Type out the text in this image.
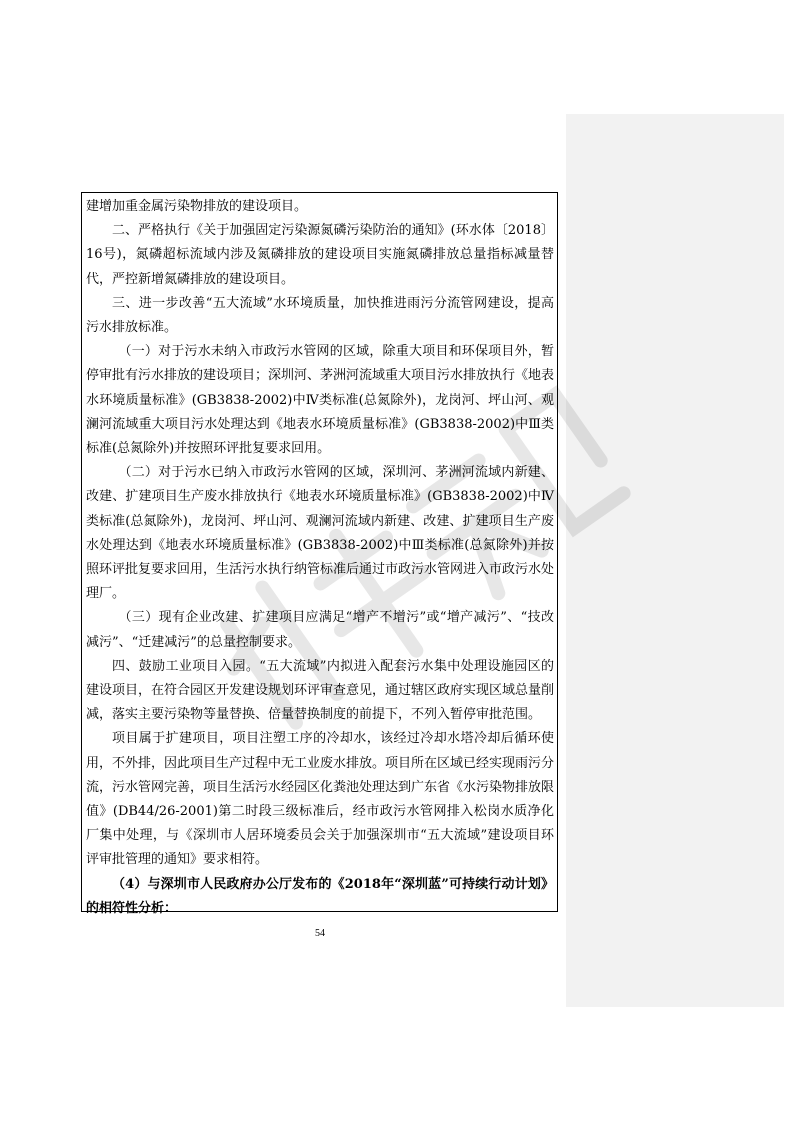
建增加重金属污染物排放的建设项目。

二、严格执行《关于加强固定污染源氮磷污染防治的通知》(环水体〔2018〕16号)，氮磷超标流域内涉及氮磷排放的建设项目实施氮磷排放总量指标减量替代，严控新增氮磷排放的建设项目。

三、进一步改善“五大流域”水环境质量，加快推进雨污分流管网建设，提高污水排放标准。

（一）对于污水未纳入市政污水管网的区域，除重大项目和环保项目外，暂停审批有污水排放的建设项目；深圳河、茅洲河流域重大项目污水排放执行《地表水环境质量标准》(GB3838-2002)中Ⅳ类标准(总氮除外)，龙岗河、坪山河、观澜河流域重大项目污水处理达到《地表水环境质量标准》(GB3838-2002)中Ⅲ类标准(总氮除外)并按照环评批复要求回用。

（二）对于污水已纳入市政污水管网的区域，深圳河、茅洲河流域内新建、改建、扩建项目生产废水排放执行《地表水环境质量标准》(GB3838-2002)中Ⅳ类标准(总氮除外)，龙岗河、坪山河、观澜河流域内新建、改建、扩建项目生产废水处理达到《地表水环境质量标准》(GB3838-2002)中Ⅲ类标准(总氮除外)并按照环评批复要求回用，生活污水执行纳管标准后通过市政污水管网进入市政污水处理厂。

（三）现有企业改建、扩建项目应满足“增产不增污”或“增产减污”、“技改减污”、“迁建减污”的总量控制要求。

四、鼓励工业项目入园。“五大流域”内拟进入配套污水集中处理设施园区的建设项目，在符合园区开发建设规划环评审查意见，通过辖区政府实现区域总量削减，落实主要污染物等量替换、倍量替换制度的前提下，不列入暂停审批范围。

项目属于扩建项目，项目注塑工序的冷却水，该经过冷却水塔冷却后循环使用，不外排，因此项目生产过程中无工业废水排放。项目所在区域已经实现雨污分流，污水管网完善，项目生活污水经园区化粪池处理达到广东省《水污染物排放限值》(DB44/26-2001)第二时段三级标准后，经市政污水管网排入松岗水质净化厂集中处理，与《深圳市人居环境委员会关于加强深圳市“五大流域”建设项目环评审批管理的通知》要求相符。

（4）与深圳市人民政府办公厅发布的《2018年“深圳蓝”可持续行动计划》的相符性分析：

54
